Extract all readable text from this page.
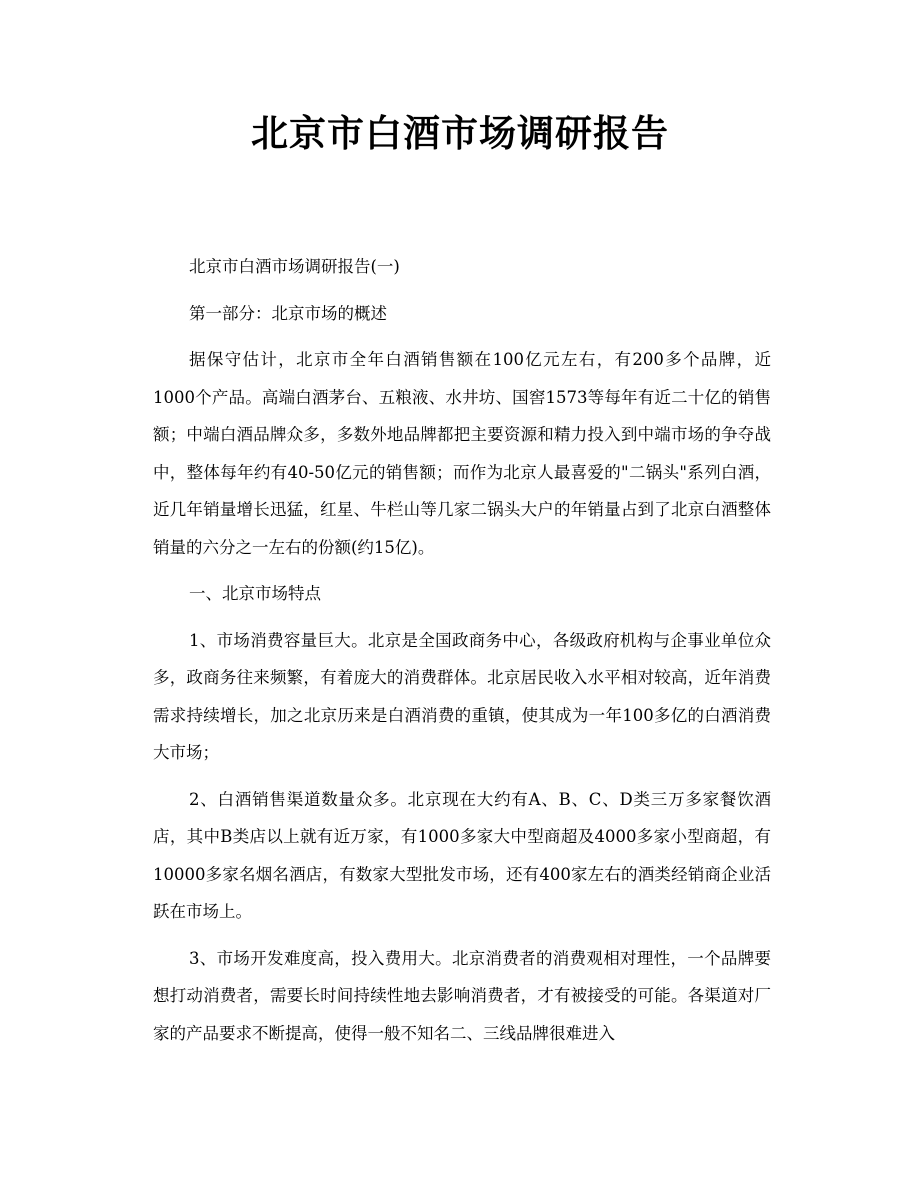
北京市白酒市场调研报告

北京市白酒市场调研报告(一)

第一部分：北京市场的概述

据保守估计，北京市全年白酒销售额在100亿元左右，有200多个品牌，近1000个产品。高端白酒茅台、五粮液、水井坊、国窖1573等每年有近二十亿的销售额；中端白酒品牌众多，多数外地品牌都把主要资源和精力投入到中端市场的争夺战中，整体每年约有40-50亿元的销售额；而作为北京人最喜爱的"二锅头"系列白酒，近几年销量增长迅猛，红星、牛栏山等几家二锅头大户的年销量占到了北京白酒整体销量的六分之一左右的份额(约15亿)。

一、北京市场特点

1、市场消费容量巨大。北京是全国政商务中心，各级政府机构与企事业单位众多，政商务往来频繁，有着庞大的消费群体。北京居民收入水平相对较高，近年消费需求持续增长，加之北京历来是白酒消费的重镇，使其成为一年100多亿的白酒消费大市场；

2、白酒销售渠道数量众多。北京现在大约有A、B、C、D类三万多家餐饮酒店，其中B类店以上就有近万家，有1000多家大中型商超及4000多家小型商超，有10000多家名烟名酒店，有数家大型批发市场，还有400家左右的酒类经销商企业活跃在市场上。

3、市场开发难度高，投入费用大。北京消费者的消费观相对理性，一个品牌要想打动消费者，需要长时间持续性地去影响消费者，才有被接受的可能。各渠道对厂家的产品要求不断提高，使得一般不知名二、三线品牌很难进入
